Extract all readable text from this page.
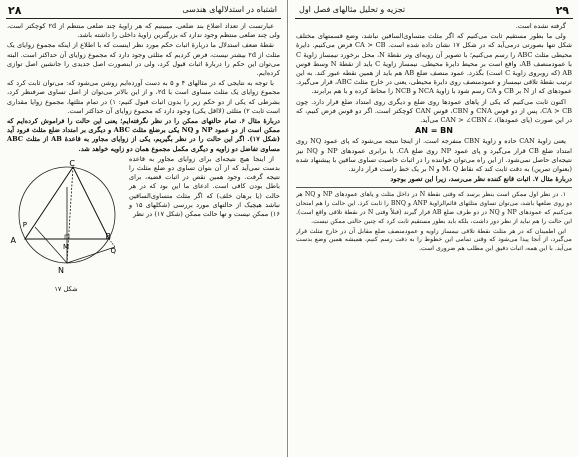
۲۸	اشتباه در استدلالهای هندسی

عبارتست از تعداد اضلاع بند ضلعی. میبینیم که هر زاویهٔ چند ضلعی منتظم از ۲d کوچکتر است، ولی چند ضلعی منتظم وجود ندارد که بزرگترین زاویهٔ داخلی را داشته باشد.

نقطهٔ ضعف استدلال ما دربارهٔ اثبات حکم مورد نظر اینست که با اطلاع از اینکه مجموع زوایای یک مثلث از ۲d بیشتر نیست، فرض کردیم که مثلثی وجود دارد که مجموع زوایای آن حداکثر است. البته می‌توان این حکم را دربارهٔ اثبات قبول کرد، ولی در اینصورت اصل جدیدی را جانشین اصل توازی کرده‌ایم.

با توجه به نتایجی که در مثالهای ۴ و ۵ به دست آورده‌ایم روشن می‌شود که: می‌توان ثابت کرد که مجموع زوایای یک مثلث مساوی است با ۲d، و از این بالاتر می‌توان از اصل تساوی صرفنظر کرد، بشرطی که یکی از دو حکم زیر را بدون اثبات قبول کنیم: ۱) در تمام مثلثها، مجموع زوایا مقداری است ثابت ۲) مثلثی (لااقل یکی) وجود دارد که مجموع زوایای آن حداکثر است.

دربارهٔ مثال ۶. تمام حالتهای ممکن را در نظر نگرفته‌ایم؛ یعنی این حالت را فراموش کرده‌ایم که ممکن است از دو عمود NP و NQ یکی برضلع مثلث ABC و دیگری بر امتداد ضلع مثلث فرود آید (شکل ۱۷). اگر این حالت را در نظر بگیریم، یکی از زوایای مجاور به قاعدهٔ AB از مثلث ABC مساوی تفاضل دو زاویه و دیگری مکمل مجموع همان دو زاویه خواهد شد.

C
A	B
N
M
P
Q
شکل ۱۷

از اینجا هیچ نتیجه‌ای برای زوایای مجاور به قاعده بدست نمی‌آید که از آن بتوان تساوی دو ضلع مثلث را نتیجه گرفت. وجود همین نقص در اثبات قضیه، برای باطل بودن کافی است. ادعای ما این بود که در هر حالت (یا برهان خلف) که اگر مثلث متساوی‌الساقین نباشد هیچیک از حالتهای مورد بررسی (شکلهای ۱۵ و ۱۶) ممکن نیست و تها حالت ممکن (شکل ۱۷) در نظر

۲۹
تجزیه و تحلیل مثالهای فصل اول

گرفته نشده است.

ولی ما بطور مستقیم ثابت می‌کنیم که اگر مثلث متساوی‌الساقین نباشد، وضع قسمتهای مختلف شکل تنها بصورتی درمی‌آید که در شکل ۱۷ نشان داده شده است. CA > CB فرض می‌کنیم. دایرهٔ محیطی مثلث ABC را رسم می‌کنیم؛ با تصویر آن رویه‌ای وتر نقطهٔ N، محل برخورد نیمساز زاویهٔ C با عمودمنصف AB، واقع است بر محیط دایرهٔ محیطی. نیمساز زاویهٔ C باید از نقطهٔ N وسط قوس AB (که روبروی زاویهٔ C است) بگذرد. عمود منصف ضلع AB هم باید از همین نقطه عبور کند. به این ترتیب نقطهٔ تلاقی نیمساز و عمودمنصف روی دایرهٔ محیطی، یعنی در خارج مثلث ABC، قرار می‌گیرد. عمودهای که از N بر CB و CA رسم شود با زاویهٔ NCA و NCB را محاط کرده و با هم برابرند.

اکنون ثابت می‌کنیم که یکی از پاهای عمودها روی ضلع و دیگری روی امتداد ضلع قرار دارد. چون CA > CB، پس از دو قوس CNA و CBN، قوس CAN کوچکتر است. اگر دو قوس فرض کنیم، که در این صورت (پای عمودها)، ∠CAN > ∠CBN می‌آید.

AN = BN

یعنی زاویهٔ CAN حاده و زاویهٔ CBN منفرجه است. از اینجا نتیجه می‌شود که پای عمود NQ روی امتداد ضلع CB قرار می‌گیرد و پای عمود NP روی ضلع CA. با برابری عمودهای NP و NQ نیز نتیجه‌ای حاصل نمی‌شود. از این راه می‌توان خواننده را در اثبات خاصیت تساوی ساقین با پیشنهاد شده (بعنوان تمرین) به دقت ثابت کند که نقاط M، Q و N بر یک خط راست قرار دارند.

دربارهٔ مثال ۷. اثبات قانع کننده نظر می‌رسد، زیرا این تصور بوجود

۱. در نظر اول ممکن است بنظر برسد که وقتی نقطهٔ N در داخل مثلث و پاهای عمودهای NP و NQ هر دو روی ضلعها باشد، می‌توان تساوی مثلثهای قائم‌الزاویهٔ ANP و BNQ را ثابت کرد. این حالت را هم امتحان می‌کنیم که عمودهای NP و NQ در دو طرف ضلع AB قرار گیرند (قبلاً وقتی N در نقطهٔ تلاقی واقع است). این حالت را هم نباید از نظر دور داشت، بلکه باید بطور مستقیم ثابت کرد که چنین حالتی ممکن نیست.

این اطمینان که در هر مثلث نقطهٔ تلاقی نیمساز زاویه و عمودمنصف ضلع مقابل آن در خارج مثلث قرار می‌گیرد، از آنجا پیدا می‌شود که وقتی تمامی این خطوط را به دقت رسم کنیم، همیشه همین وضع بدست می‌آید. با این همه، اثبات دقیق این مطلب هم ضروری است.
